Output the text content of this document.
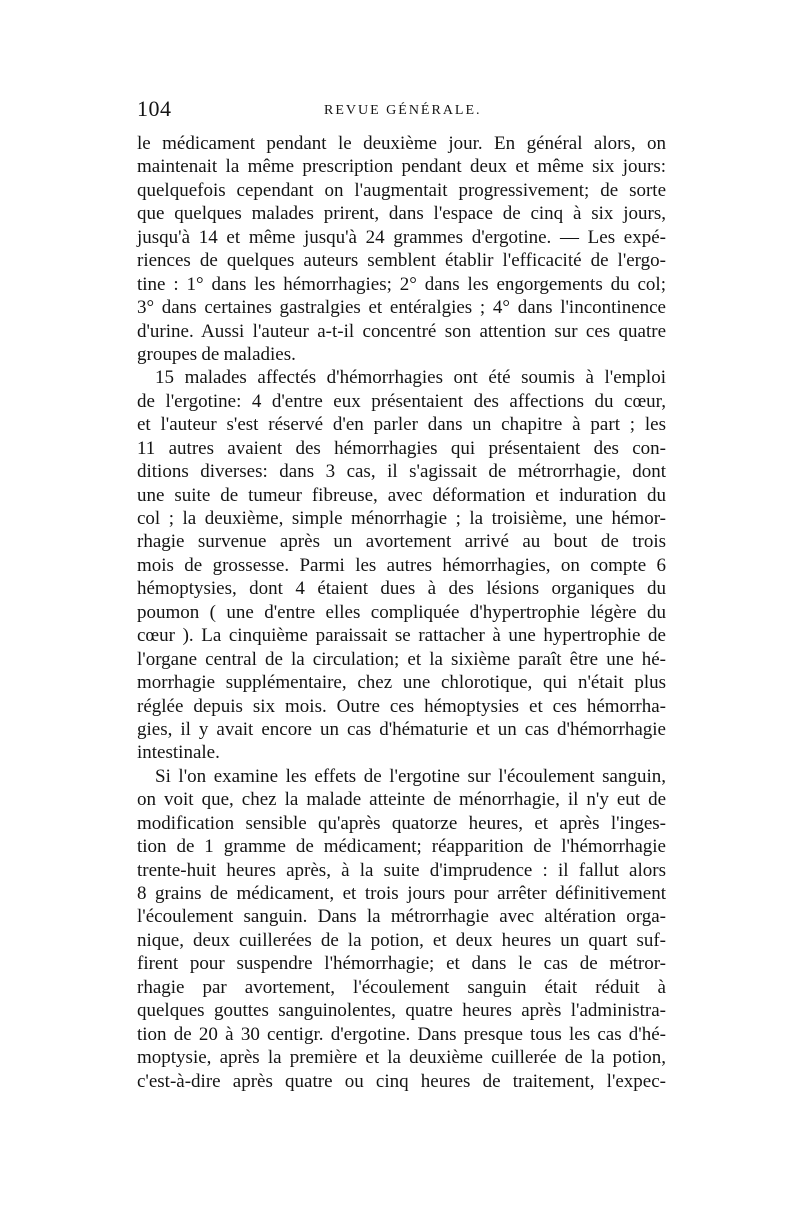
104	REVUE GÉNÉRALE.
le médicament pendant le deuxième jour. En général alors, on
maintenait la même prescription pendant deux et même six jours:
quelquefois cependant on l'augmentait progressivement; de sorte
que quelques malades prirent, dans l'espace de cinq à six jours,
jusqu'à 14 et même jusqu'à 24 grammes d'ergotine. — Les expé-
riences de quelques auteurs semblent établir l'efficacité de l'ergo-
tine : 1° dans les hémorrhagies; 2° dans les engorgements du col;
3° dans certaines gastralgies et entéralgies ; 4° dans l'incontinence
d'urine. Aussi l'auteur a-t-il concentré son attention sur ces quatre
groupes de maladies.
15 malades affectés d'hémorrhagies ont été soumis à l'emploi
de l'ergotine: 4 d'entre eux présentaient des affections du cœur,
et l'auteur s'est réservé d'en parler dans un chapitre à part ; les
11 autres avaient des hémorrhagies qui présentaient des con-
ditions diverses: dans 3 cas, il s'agissait de métrorrhagie, dont
une suite de tumeur fibreuse, avec déformation et induration du
col ; la deuxième, simple ménorrhagie ; la troisième, une hémor-
rhagie survenue après un avortement arrivé au bout de trois
mois de grossesse. Parmi les autres hémorrhagies, on compte 6
hémoptysies, dont 4 étaient dues à des lésions organiques du
poumon ( une d'entre elles compliquée d'hypertrophie légère du
cœur ). La cinquième paraissait se rattacher à une hypertrophie de
l'organe central de la circulation; et la sixième paraît être une hé-
morrhagie supplémentaire, chez une chlorotique, qui n'était plus
réglée depuis six mois. Outre ces hémoptysies et ces hémorrha-
gies, il y avait encore un cas d'hématurie et un cas d'hémorrhagie
intestinale.
Si l'on examine les effets de l'ergotine sur l'écoulement sanguin,
on voit que, chez la malade atteinte de ménorrhagie, il n'y eut de
modification sensible qu'après quatorze heures, et après l'inges-
tion de 1 gramme de médicament; réapparition de l'hémorrhagie
trente-huit heures après, à la suite d'imprudence : il fallut alors
8 grains de médicament, et trois jours pour arrêter définitivement
l'écoulement sanguin. Dans la métrorrhagie avec altération orga-
nique, deux cuillerées de la potion, et deux heures un quart suf-
firent pour suspendre l'hémorrhagie; et dans le cas de métror-
rhagie par avortement, l'écoulement sanguin était réduit à
quelques gouttes sanguinolentes, quatre heures après l'administra-
tion de 20 à 30 centigr. d'ergotine. Dans presque tous les cas d'hé-
moptysie, après la première et la deuxième cuillerée de la potion,
c'est-à-dire après quatre ou cinq heures de traitement, l'expec-
